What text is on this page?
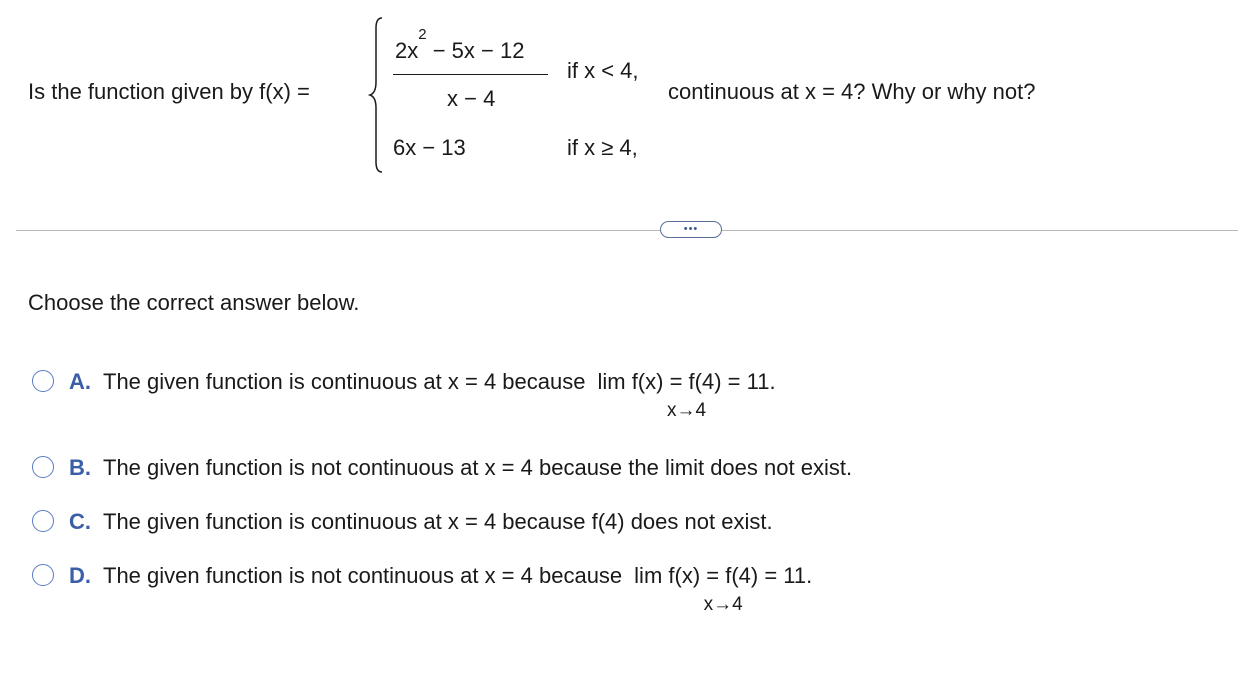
Is the function given by f(x) =
$2x^2 - 5x - 12$
x − 4
if x < 4,
6x − 13	if x ≥ 4,
continuous at x = 4? Why or why not?
•••
Choose the correct answer below.
A. The given function is continuous at x = 4 because lim f(x) = f(4) = 11.
x→4
B. The given function is not continuous at x = 4 because the limit does not exist.
C. The given function is continuous at x = 4 because f(4) does not exist.
D. The given function is not continuous at x = 4 because lim f(x) = f(4) = 11.
x→4
